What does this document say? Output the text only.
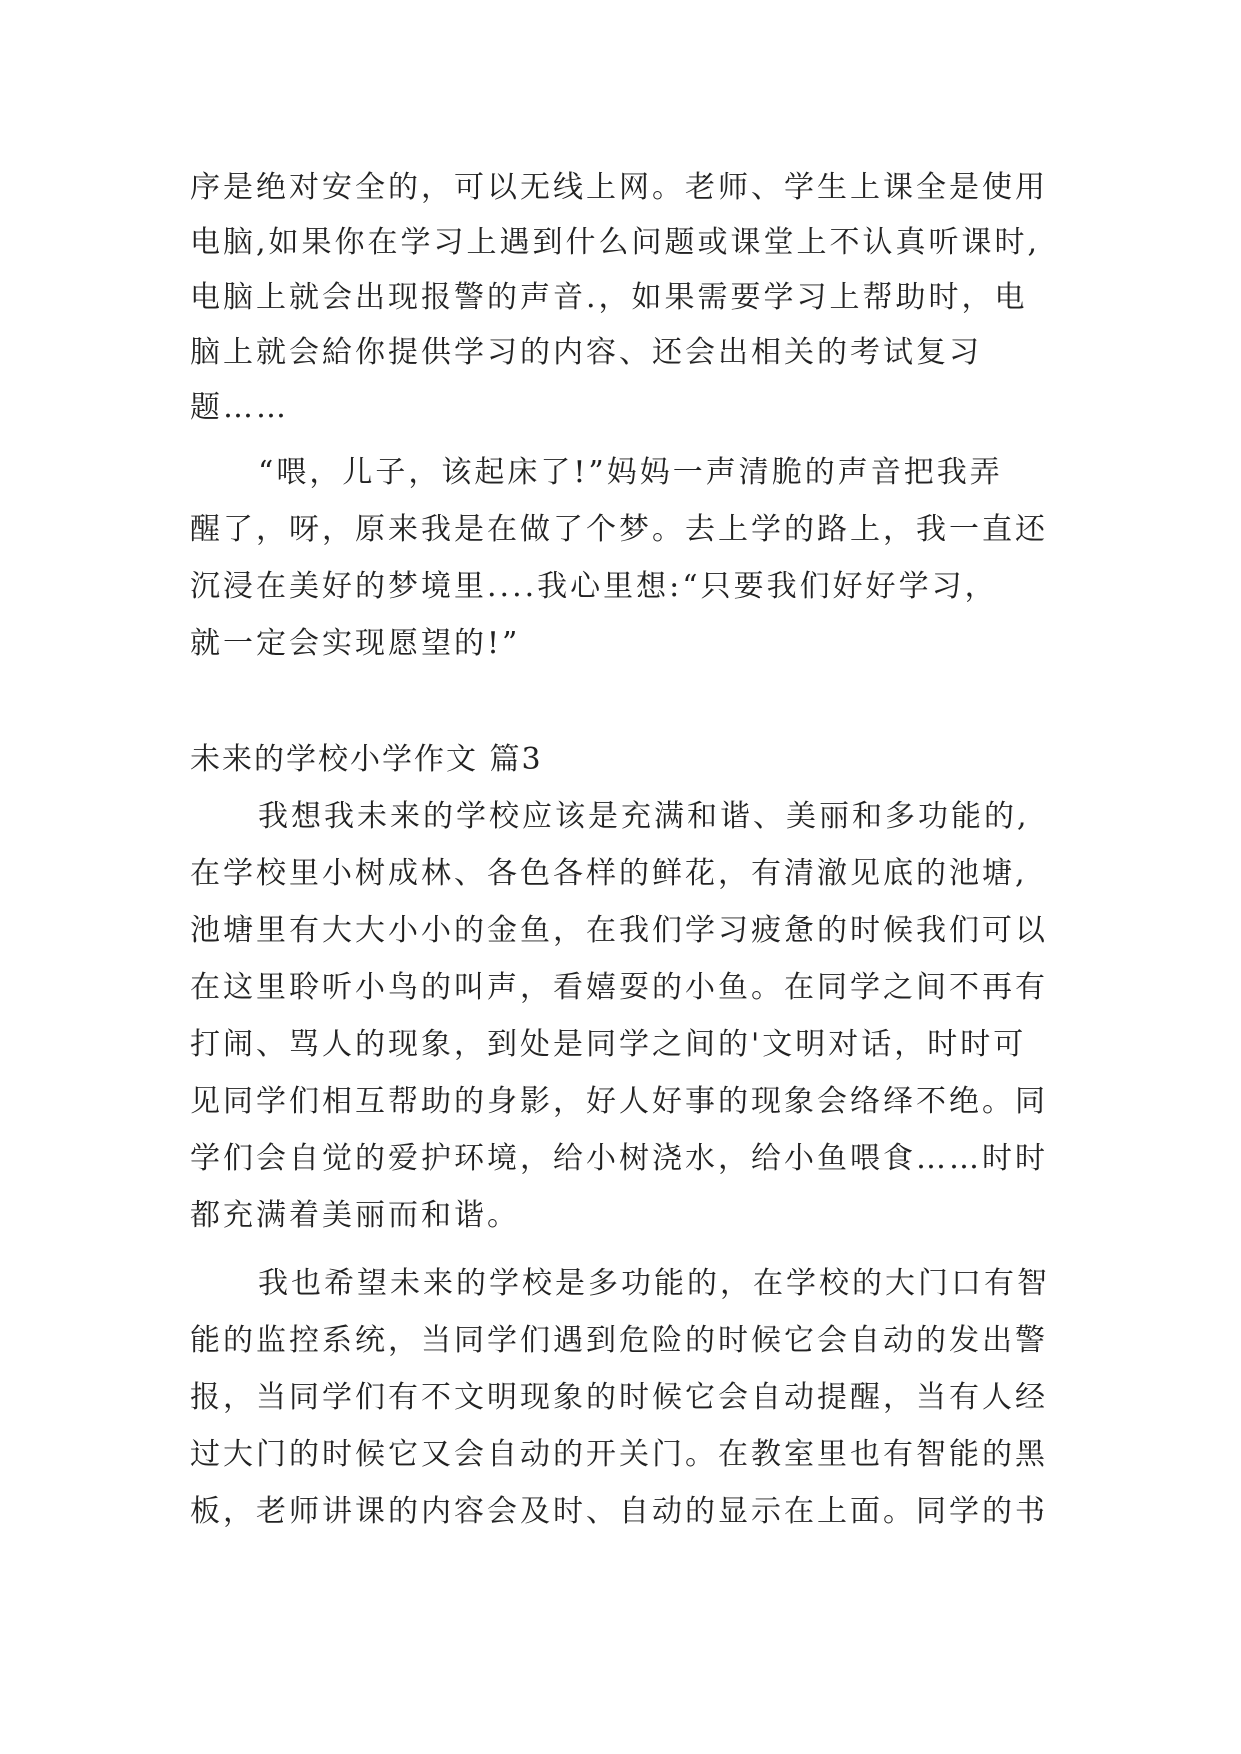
序是绝对安全的，可以无线上网。老师、学生上课全是使用

电脑,如果你在学习上遇到什么问题或课堂上不认真听课时,

电脑上就会出现报警的声音.，如果需要学习上帮助时，电

脑上就会給你提供学习的内容、还会出相关的考试复习

题……

“喂，儿子，该起床了!”妈妈一声清脆的声音把我弄

醒了，呀，原来我是在做了个梦。去上学的路上，我一直还

沉浸在美好的梦境里....我心里想:“只要我们好好学习，

就一定会实现愿望的!”

未来的学校小学作文 篇3

我想我未来的学校应该是充满和谐、美丽和多功能的,

在学校里小树成林、各色各样的鲜花，有清澈见底的池塘,

池塘里有大大小小的金鱼，在我们学习疲惫的时候我们可以

在这里聆听小鸟的叫声，看嬉耍的小鱼。在同学之间不再有

打闹、骂人的现象，到处是同学之间的'文明对话，时时可

见同学们相互帮助的身影，好人好事的现象会络绎不绝。同

学们会自觉的爱护环境，给小树浇水，给小鱼喂食……时时

都充满着美丽而和谐。

我也希望未来的学校是多功能的，在学校的大门口有智

能的监控系统，当同学们遇到危险的时候它会自动的发出警

报，当同学们有不文明现象的时候它会自动提醒，当有人经

过大门的时候它又会自动的开关门。在教室里也有智能的黑

板，老师讲课的内容会及时、自动的显示在上面。同学的书
